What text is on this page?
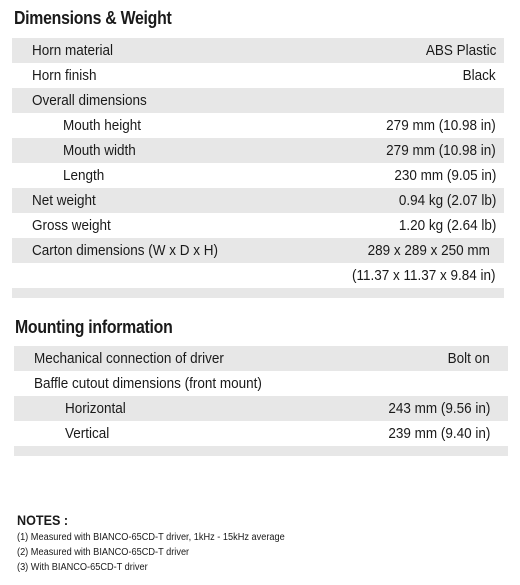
Dimensions & Weight
Horn material	ABS Plastic
Horn finish	Black
Overall dimensions
Mouth height	279 mm (10.98 in)
Mouth width	279 mm (10.98 in)
Length	230 mm (9.05 in)
Net weight	0.94 kg (2.07 lb)
Gross weight	1.20 kg (2.64 lb)
Carton dimensions (W x D x H)	289 x 289 x 250 mm
(11.37 x 11.37 x 9.84 in)
Mounting information
Mechanical connection of driver	Bolt on
Baffle cutout dimensions (front mount)
Horizontal	243 mm (9.56 in)
Vertical	239 mm (9.40 in)
NOTES :
(1) Measured with BIANCO-65CD-T driver, 1kHz - 15kHz average
(2) Measured with BIANCO-65CD-T driver
(3) With BIANCO-65CD-T driver
